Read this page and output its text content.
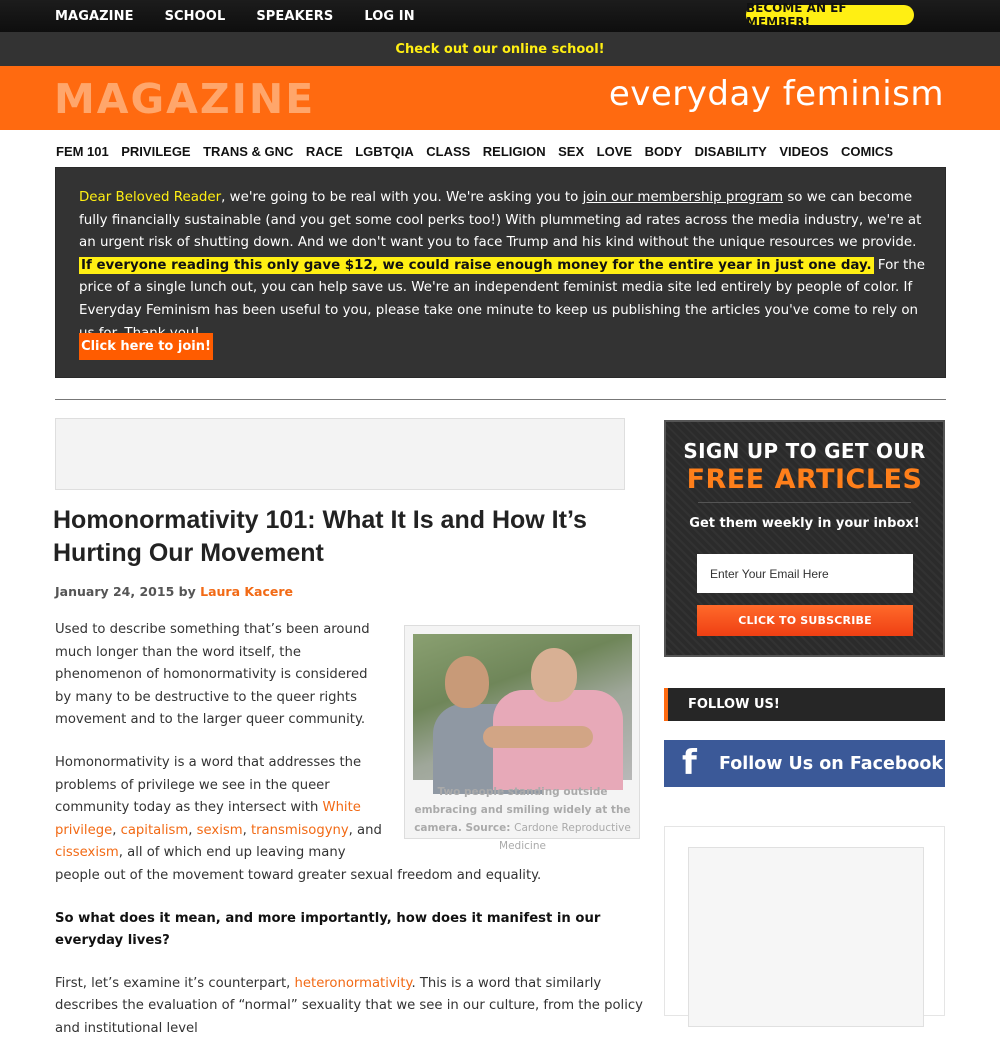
MAGAZINE SCHOOL SPEAKERS LOG IN
BECOME AN EF MEMBER!
Check out our online school!
MAGAZINE	everyday feminism
FEM 101 PRIVILEGE TRANS & GNC RACE LGBTQIA CLASS RELIGION SEX LOVE BODY DISABILITY VIDEOS COMICS
Dear Beloved Reader, we're going to be real with you. We're asking you to join our membership program so we can become fully financially sustainable (and you get some cool perks too!) With plummeting ad rates across the media industry, we're at an urgent risk of shutting down. And we don't want you to face Trump and his kind without the unique resources we provide. If everyone reading this only gave $12, we could raise enough money for the entire year in just one day. For the price of a single lunch out, you can help save us. We're an independent feminist media site led entirely by people of color. If Everyday Feminism has been useful to you, please take one minute to keep us publishing the articles you've come to rely on
Click here to join!
Homonormativity 101: What It Is and How It’s Hurting Our Movement
January 24, 2015 by Laura Kacere
Two people standing outside embracing and smiling widely at the camera. Source: Cardone Reproductive Medicine

Used to describe something that’s been around much longer than the word itself, the phenomenon of homonormativity is considered by many to be destructive to the queer rights movement and to the larger queer community.

Homonormativity is a word that addresses the problems of privilege we see in the queer community today as they intersect with White privilege, capitalism, sexism, transmisogyny, and cissexism, all of which end up leaving many people out of the movement toward greater sexual freedom and equality.

So what does it mean, and more importantly, how does it manifest in our everyday lives?

First, let’s examine it’s counterpart, heteronormativity. This is a word that similarly describes the evaluation of “normal” sexuality that we see in our culture, from the policy and institutional level

SIGN UP TO GET OUR
FREE ARTICLES
Get them weekly in your inbox!
Enter Your Email Here
CLICK TO SUBSCRIBE
FOLLOW US!
f	Follow Us on Facebook
